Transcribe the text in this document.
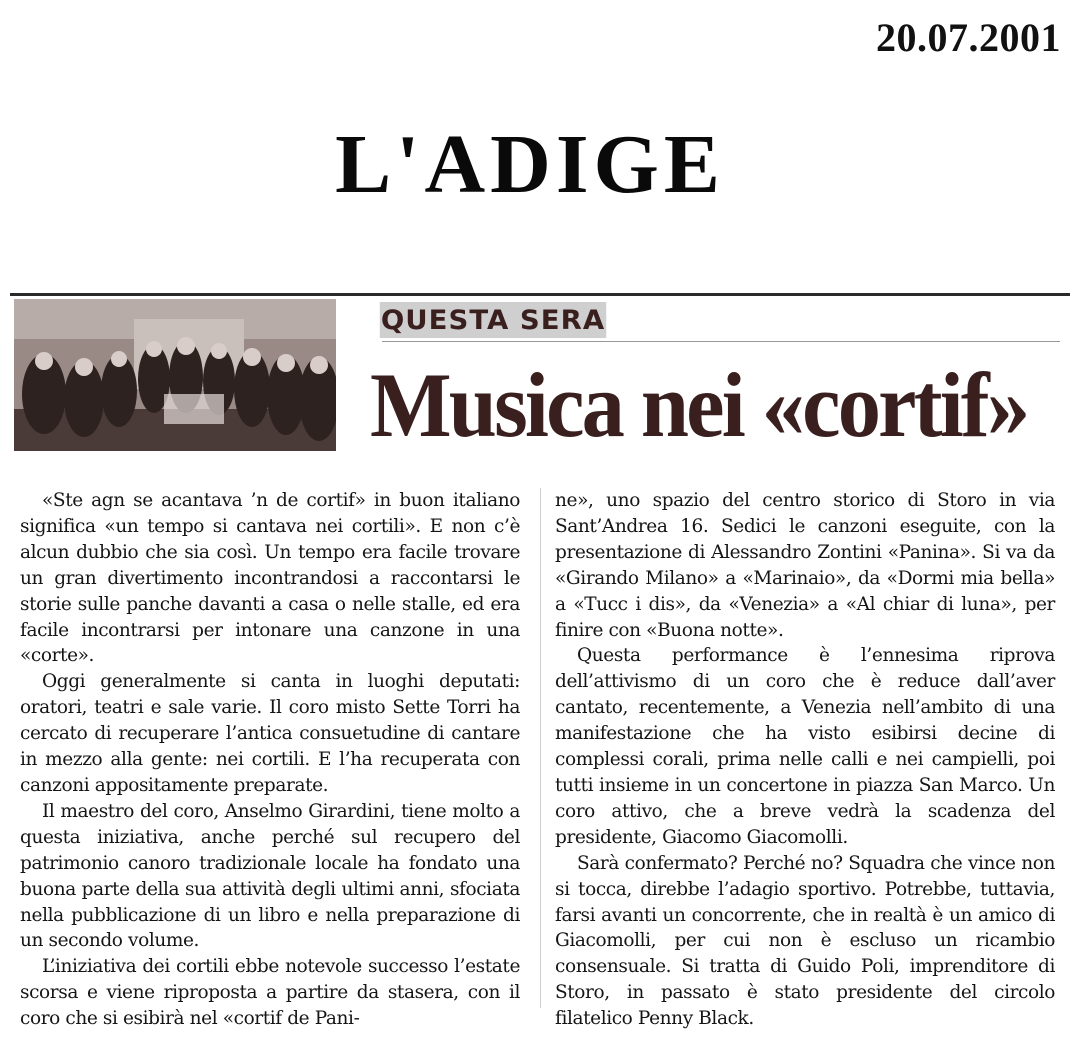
20.07.2001
L'ADIGE
QUESTA SERA
Musica nei «cortif»

«Ste agn se acantava ’n de cortif» in buon italiano significa «un tempo si cantava nei cortili». E non c’è alcun dubbio che sia così. Un tempo era facile trovare un gran divertimento incontrandosi a raccontarsi le storie sulle panche davanti a casa o nelle stalle, ed era facile incontrarsi per intonare una canzone in una «corte».

Oggi generalmente si canta in luoghi deputati: oratori, teatri e sale varie. Il coro misto Sette Torri ha cercato di recuperare l’antica consuetudine di cantare in mezzo alla gente: nei cortili. E l’ha recuperata con canzoni appositamente preparate.

Il maestro del coro, Anselmo Girardini, tiene molto a questa iniziativa, anche perché sul recupero del patrimonio canoro tradizionale locale ha fondato una buona parte della sua attività degli ultimi anni, sfociata nella pubblicazione di un libro e nella preparazione di un secondo volume.

L’iniziativa dei cortili ebbe notevole successo l’estate scorsa e viene riproposta a partire da stasera, con il coro che si esibirà nel «cortif de Pani-

ne», uno spazio del centro storico di Storo in via Sant’Andrea 16. Sedici le canzoni eseguite, con la presentazione di Alessandro Zontini «Panina». Si va da «Girando Milano» a «Marinaio», da «Dormi mia bella» a «Tucc i dis», da «Venezia» a «Al chiar di luna», per finire con «Buona notte».

Questa performance è l’ennesima riprova dell’attivismo di un coro che è reduce dall’aver cantato, recentemente, a Venezia nell’ambito di una manifestazione che ha visto esibirsi decine di complessi corali, prima nelle calli e nei campielli, poi tutti insieme in un concertone in piazza San Marco. Un coro attivo, che a breve vedrà la scadenza del presidente, Giacomo Giacomolli.

Sarà confermato? Perché no? Squadra che vince non si tocca, direbbe l’adagio sportivo. Potrebbe, tuttavia, farsi avanti un concorrente, che in realtà è un amico di Giacomolli, per cui non è escluso un ricambio consensuale. Si tratta di Guido Poli, imprenditore di Storo, in passato è stato presidente del circolo filatelico Penny Black.
